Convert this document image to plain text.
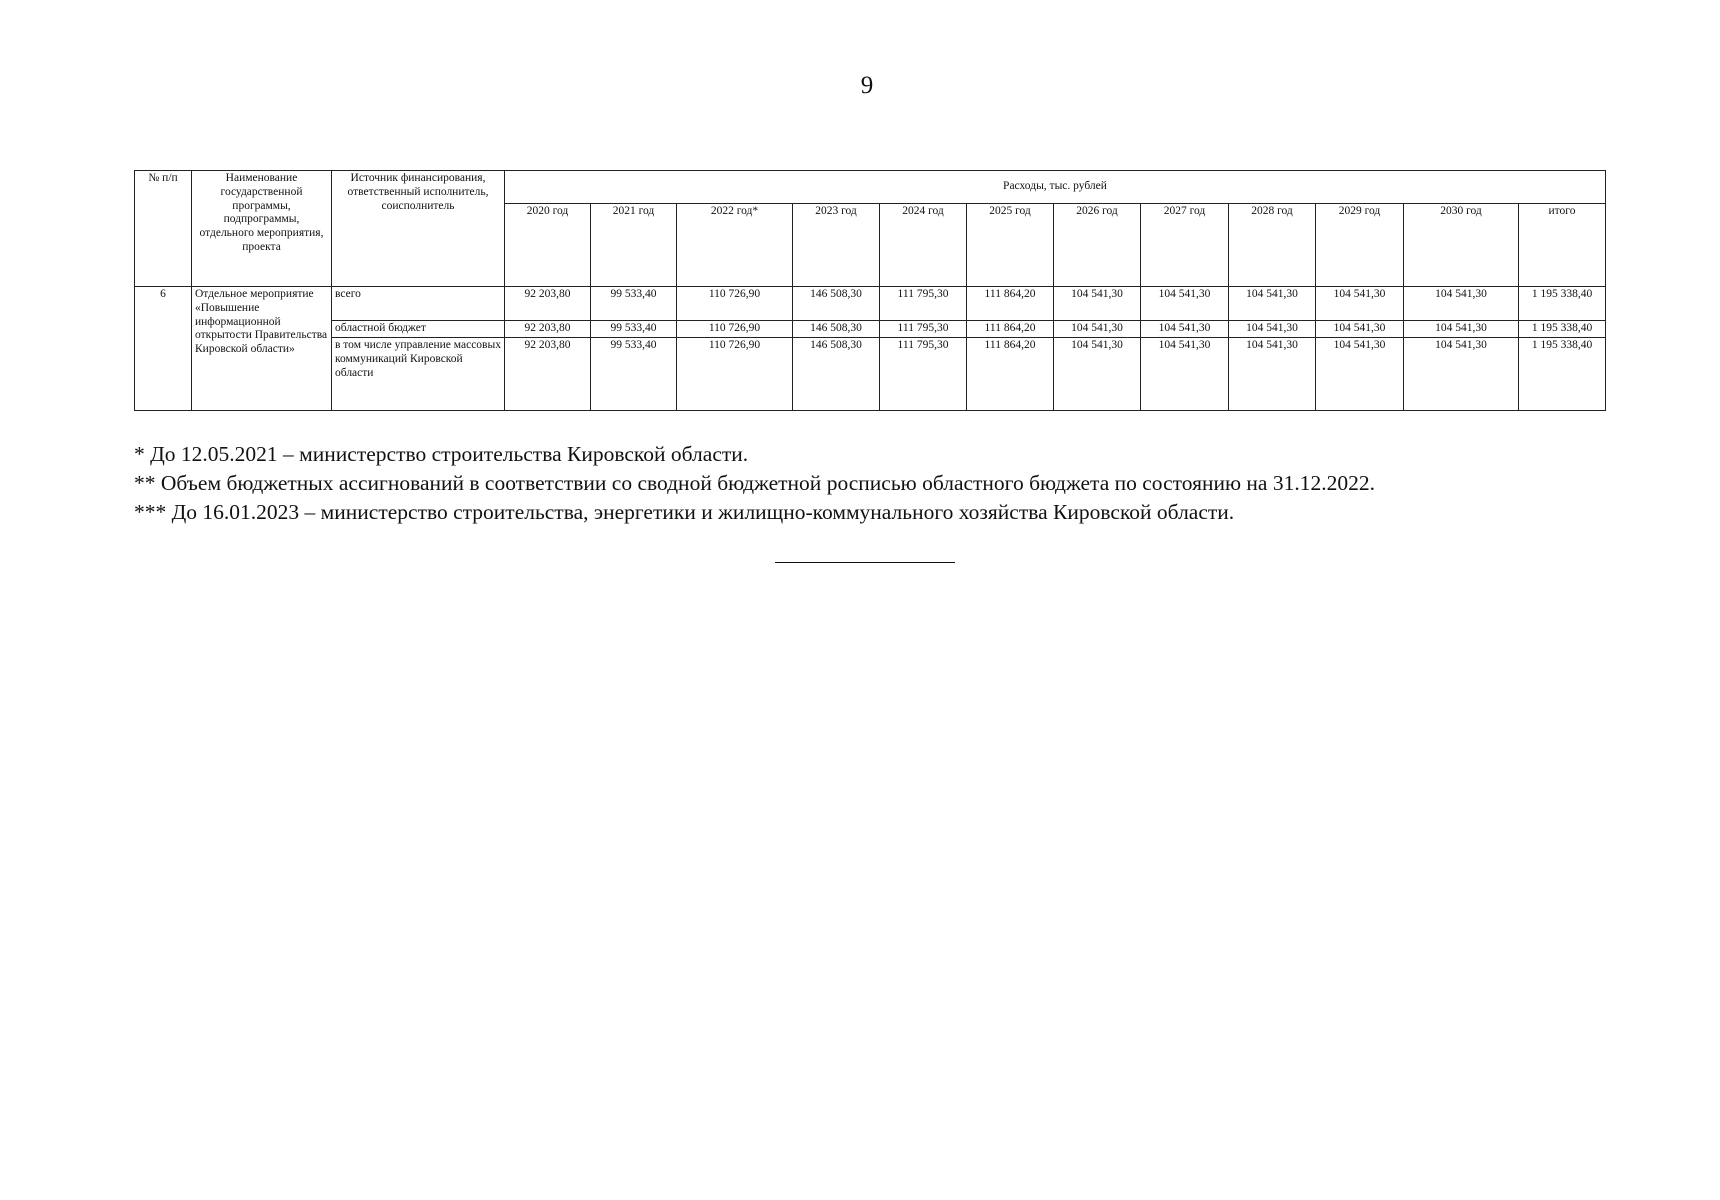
9
№ п/п	Наименование государственной программы, подпрограммы, отдельного мероприятия, проекта	Источник финансирования, ответственный исполнитель, соисполнитель	Расходы, тыс. рублей											
			2020 год	2021 год	2022 год*	2023 год	2024 год	2025 год	2026 год	2027 год	2028 год	2029 год	2030 год	итого
6	Отдельное мероприятие «Повышение информационной открытости Правительства Кировской области»	всего	92 203,80	99 533,40	110 726,90	146 508,30	111 795,30	111 864,20	104 541,30	104 541,30	104 541,30	104 541,30	104 541,30	1 195 338,40
		областной бюджет	92 203,80	99 533,40	110 726,90	146 508,30	111 795,30	111 864,20	104 541,30	104 541,30	104 541,30	104 541,30	104 541,30	1 195 338,40
		в том числе управление массовых коммуникаций Кировской области	92 203,80	99 533,40	110 726,90	146 508,30	111 795,30	111 864,20	104 541,30	104 541,30	104 541,30	104 541,30	104 541,30	1 195 338,40

* До 12.05.2021 – министерство строительства Кировской области.

** Объем бюджетных ассигнований в соответствии со сводной бюджетной росписью областного бюджета по состоянию на 31.12.2022.

*** До 16.01.2023 – министерство строительства, энергетики и жилищно-коммунального хозяйства Кировской области.
